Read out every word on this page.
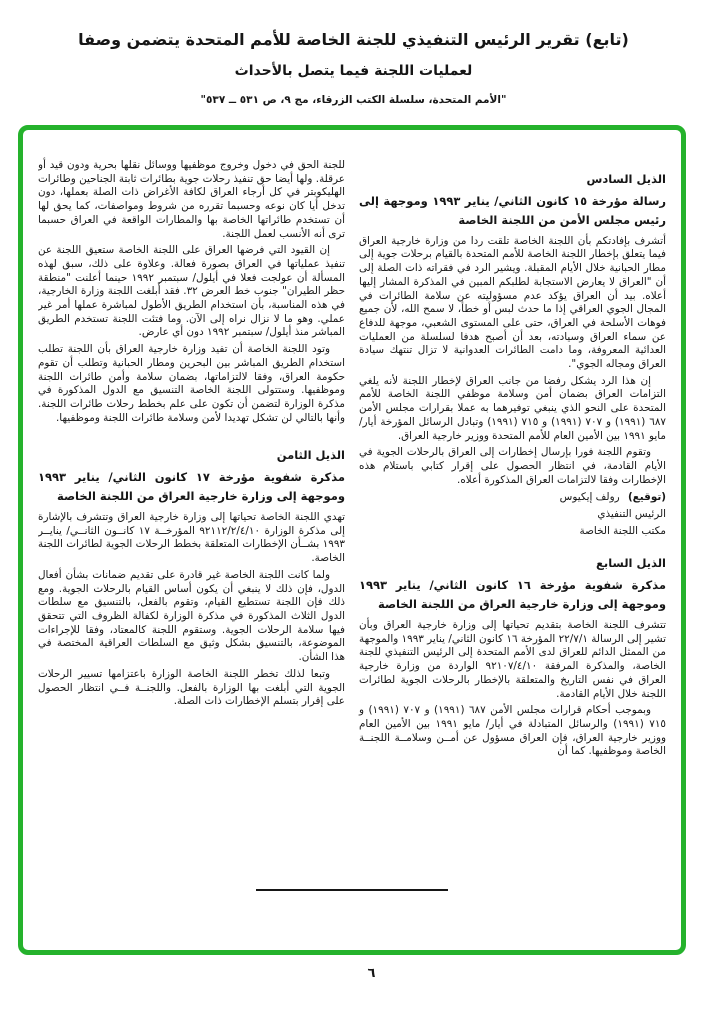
(تابع) تقرير الرئيس التنفيذي للجنة الخاصة للأمم المتحدة يتضمن وصفا
لعمليات اللجنة فيما يتصل بالأحداث
"الأمم المتحدة، سلسلة الكتب الزرقاء، مج ٩، ص ٥٣١ ــ ٥٣٧"
الذيل السادس
رسالة مؤرخة ١٥ كانون الثاني/ يناير ١٩٩٣ وموجهة إلى رئيس مجلس الأمن من اللجنة الخاصة

أتشرف بإفادتكم بأن اللجنة الخاصة تلقت ردا من وزارة خارجية العراق فيما يتعلق بإخطار اللجنة الخاصة للأمم المتحدة بالقيام برحلات جوية إلى مطار الحبانية خلال الأيام المقبلة. ويشير الرد في فقراته ذات الصلة إلى أن "العراق لا يعارض الاستجابة لطلبكم المبين في المذكرة المشار إليها أعلاه. بيد أن العراق يؤكد عدم مسؤوليته عن سلامة الطائرات في المجال الجوي العراقي إذا ما حدث لبس أو خطأ، لا سمح الله، لأن جميع فوهات الأسلحة في العراق، حتى على المستوى الشعبي، موجهة للدفاع عن سماء العراق وسيادته، بعد أن أصبح هدفا لسلسلة من العمليات العدائية المعروفة، وما دامت الطائرات العدوانية لا تزال تنتهك سيادة العراق ومجاله الجوي".

إن هذا الرد يشكل رفضا من جانب العراق لإخطار اللجنة لأنه يلغي التزامات العراق بضمان أمن وسلامة موظفي اللجنة الخاصة للأمم المتحدة على النحو الذي ينبغي توفيرهما به عملا بقرارات مجلس الأمن ٦٨٧ (١٩٩١) و ٧٠٧ (١٩٩١) و ٧١٥ (١٩٩١) وتبادل الرسائل المؤرخة أيار/ مايو ١٩٩١ بين الأمين العام للأمم المتحدة ووزير خارجية العراق.

وتقوم اللجنة فورا بإرسال إخطارات إلى العراق بالرحلات الجوية في الأيام القادمة، في انتظار الحصول على إقرار كتابي باستلام هذه الإخطارات وفقا لالتزامات العراق المذكورة أعلاه.

(توقيع) رولف إيكيوس
الرئيس التنفيذي
مكتب اللجنة الخاصة
الذيل السابع
مذكرة شفوية مؤرخة ١٦ كانون الثاني/ يناير ١٩٩٣ وموجهة إلى وزارة خارجية العراق من اللجنة الخاصة

تتشرف اللجنة الخاصة بتقديم تحياتها إلى وزارة خارجية العراق وبأن تشير إلى الرسالة ٢٢/٧/١ المؤرخة ١٦ كانون الثاني/ يناير ١٩٩٣ والموجهة من الممثل الدائم للعراق لدى الأمم المتحدة إلى الرئيس التنفيذي للجنة الخاصة، والمذكرة المرفقة ٩٢١٠٧/٤/١٠ الواردة من وزارة خارجية العراق في نفس التاريخ والمتعلقة بالإخطار بالرحلات الجوية لطائرات اللجنة خلال الأيام القادمة.

وبموجب أحكام قرارات مجلس الأمن ٦٨٧ (١٩٩١) و ٧٠٧ (١٩٩١) و ٧١٥ (١٩٩١) والرسائل المتبادلة في أيار/ مايو ١٩٩١ بين الأمين العام ووزير خارجية العراق، فإن العراق مسؤول عن أمــن وسلامــة اللجنــة الخاصة وموظفيها. كما أن

للجنة الحق في دخول وخروج موظفيها ووسائل نقلها بحرية ودون قيد أو عرقلة. ولها أيضا حق تنفيذ رحلات جوية بطائرات ثابتة الجناحين وطائرات الهليكوبتر في كل أرجاء العراق لكافة الأغراض ذات الصلة بعملها، دون تدخل أيا كان نوعه وحسبما تقرره من شروط ومواصفات، كما يحق لها أن تستخدم طائراتها الخاصة بها والمطارات الواقعة في العراق حسبما ترى أنه الأنسب لعمل اللجنة.

إن القيود التي فرضها العراق على اللجنة الخاصة ستعيق اللجنة عن تنفيذ عملياتها في العراق بصورة فعالة. وعلاوة على ذلك، سبق لهذه المسألة أن عولجت فعلا في أيلول/ سبتمبر ١٩٩٢ حينما أعلنت "منطقة حظر الطيران" جنوب خط العرض ٣٢. فقد أبلغت اللجنة وزارة الخارجية، في هذه المناسبة، بأن استخدام الطريق الأطول لمباشرة عملها أمر غير عملي. وهو ما لا نزال نراه إلى الآن. وما فتئت اللجنة تستخدم الطريق المباشر منذ أيلول/ سبتمبر ١٩٩٢ دون أي عارض.

وتود اللجنة الخاصة أن تفيد وزارة خارجية العراق بأن اللجنة تطلب استخدام الطريق المباشر بين البحرين ومطار الحبانية وتطلب أن تقوم حكومة العراق، وفقا لالتزاماتها، بضمان سلامة وأمن طائرات اللجنة وموظفيها. وستتولى اللجنة الخاصة التنسيق مع الدول المذكورة في مذكرة الوزارة لتضمن أن تكون على علم بخطط رحلات طائرات اللجنة. وأنها بالتالي لن تشكل تهديدا لأمن وسلامة طائرات اللجنة وموظفيها.

الذيل الثامن
مذكرة شفوية مؤرخة ١٧ كانون الثاني/ يناير ١٩٩٣ وموجهة إلى وزارة خارجية العراق من اللجنة الخاصة

تهدي اللجنة الخاصة تحياتها إلى وزارة خارجية العراق وتتشرف بالإشارة إلى مذكرة الوزارة ٩٢١١٢/٢/٤/١٠ المؤرخــة ١٧ كانــون الثانــي/ ينايــر ١٩٩٣ بشــأن الإخطارات المتعلقة بخطط الرحلات الجوية لطائرات اللجنة الخاصة.

ولما كانت اللجنة الخاصة غير قادرة على تقديم ضمانات بشأن أفعال الدول، فإن ذلك لا ينبغي أن يكون أساس القيام بالرحلات الجوية. ومع ذلك فإن اللجنة تستطيع القيام، وتقوم بالفعل، بالتنسيق مع سلطات الدول الثلاث المذكورة في مذكرة الوزارة لكفالة الظروف التي تتحقق فيها سلامة الرحلات الجوية. وستقوم اللجنة كالمعتاد، وفقا للإجراءات الموضوعة، بالتنسيق بشكل وثيق مع السلطات العراقية المختصة في هذا الشأن.

وتبعا لذلك تخطر اللجنة الخاصة الوزارة باعتزامها تسيير الرحلات الجوية التي أبلغت بها الوزارة بالفعل. واللجنــة فــي انتظار الحصول على إقرار بتسلم الإخطارات ذات الصلة.

٦
